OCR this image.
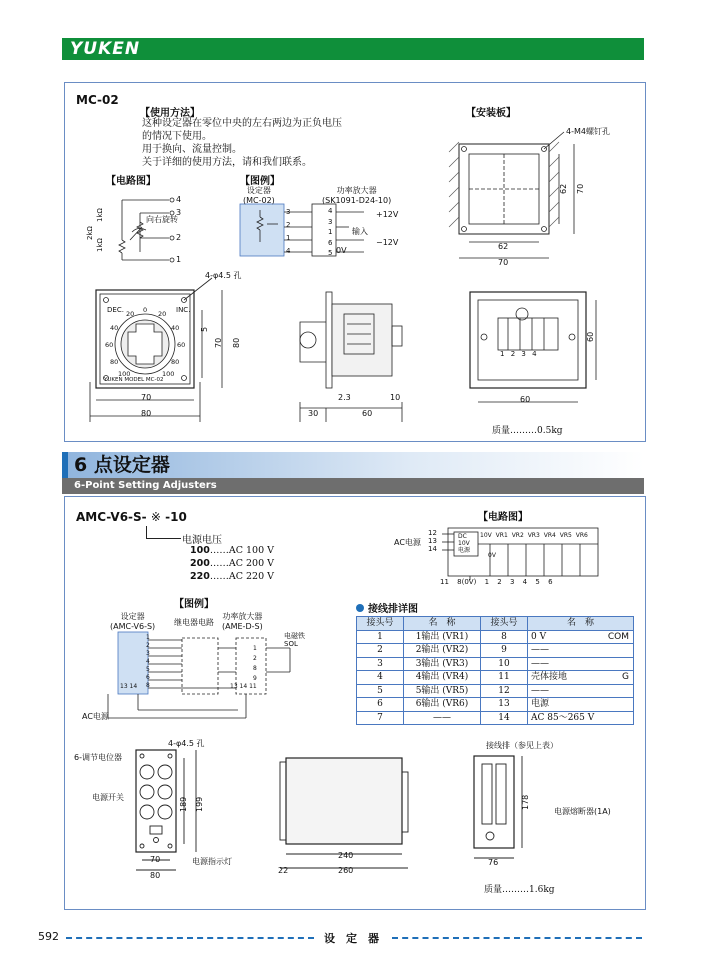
YUKEN
MC-02
【使用方法】
这种设定器在零位中央的左右两边为正负电压
的情况下使用。
用于换向、流量控制。
关于详细的使用方法，请和我们联系。
【安装板】
【电路图】	【图例】
4
3
2
1
向右旋转
2kΩ
1kΩ
1kΩ
设定器
(MC-02)
功率放大器
(SK1091-D24-10)
3
2
1
4
4
3
1
6
5
+12V
输入
0V
−12V
4-M4螺钉孔
62
70
62 70
4-φ4.5 孔
DEC.	INC.
20 0 20
40	40
60	60
80	80
100	100
YUKEN MODEL MC-02
70
80
5
70 80
2.3	10
30	60
1 2 3 4
60
60
质量………0.5kg
6 点设定器
6-Point Setting Adjusters
AMC-V6-S- ※ -10
电源电压
100……AC 100 V
200……AC 200 V
220……AC 220 V
【电路图】
AC电源
12
13
14
DC
10V
电源
10V VR1 VR2 VR3 VR4 VR5 VR6
0V
11 8(0V) 1 2 3 4 5 6
【图例】
设定器
(AMC-V6-S) 继电器电路
功率放大器
(AME-D-S)
电磁铁
SOL
1
2
3
4
5
6
8
1
2
8
9
13 14	13 14 11
AC电源
接线排详图
接头号	名　称	接头号	名　称
1	1输出 (VR1)	8	0 V COM

2	2输出 (VR2)	9	——

3	3输出 (VR3)	10	——

4	4输出 (VR4)	11	壳体接地 G

5	5输出 (VR5)	12	——

6	6输出 (VR6)	13	电源

7	——	14	AC 85～265 V
4-φ4.5 孔
6-调节电位器
电源开关
电源指示灯
70
80
189 199
240
260
22
接线排（参见上表）
电源熔断器(1A)
178
76
质量………1.6kg
592	设　定　器
